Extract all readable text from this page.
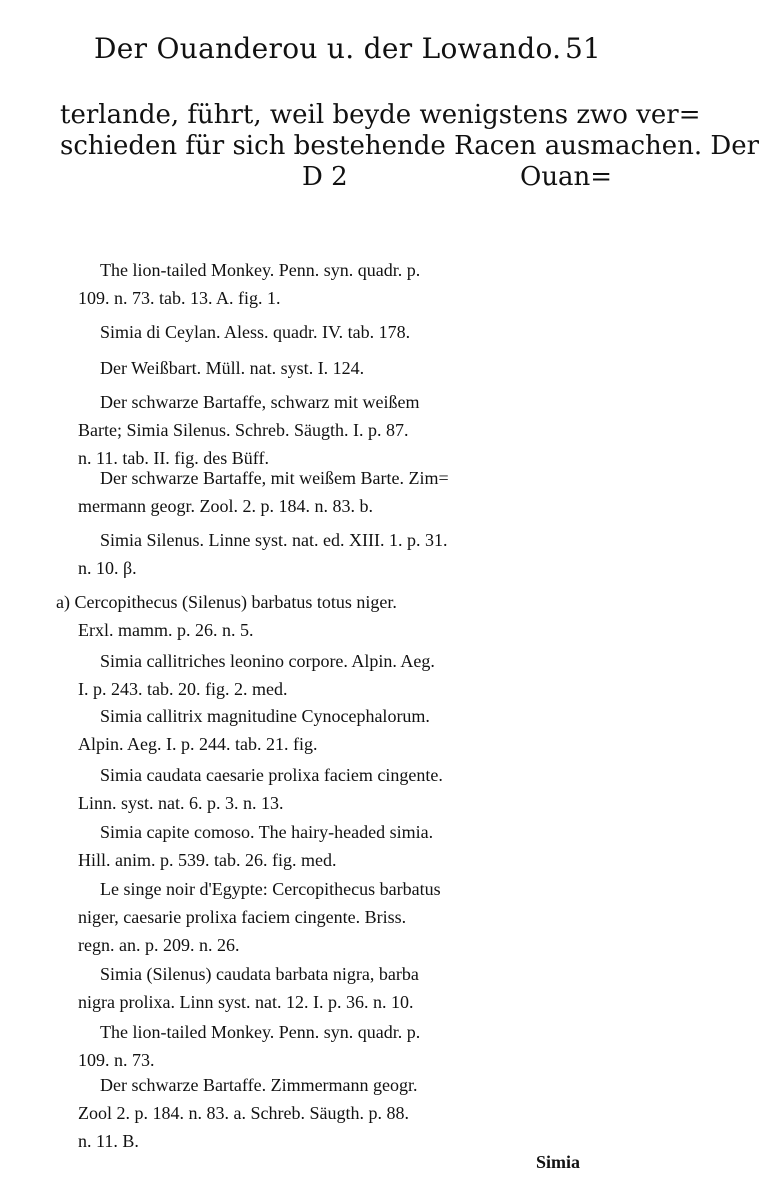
Der Ouanderou u. der Lowando. 51
terlande, führt, weil beyde wenigstens zwo ver=
schieden für sich bestehende Racen ausmachen. Der
D 2	Ouan=
The lion-tailed Monkey. Penn. syn. quadr. p.
109. n. 73. tab. 13. A. fig. 1.
Simia di Ceylan. Aless. quadr. IV. tab. 178.
Der Weißbart. Müll. nat. syst. I. 124.
Der schwarze Bartaffe, schwarz mit weißem
Barte; Simia Silenus. Schreb. Säugth. I. p. 87.
n. 11. tab. II. fig. des Büff.
Der schwarze Bartaffe, mit weißem Barte. Zim=
mermann geogr. Zool. 2. p. 184. n. 83. b.
Simia Silenus. Linne syst. nat. ed. XIII. 1. p. 31.
n. 10. β.
a) Cercopithecus (Silenus) barbatus totus niger.
Erxl. mamm. p. 26. n. 5.
Simia callitriches leonino corpore. Alpin. Aeg.
I. p. 243. tab. 20. fig. 2. med.
Simia callitrix magnitudine Cynocephalorum.
Alpin. Aeg. I. p. 244. tab. 21. fig.
Simia caudata caesarie prolixa faciem cingente.
Linn. syst. nat. 6. p. 3. n. 13.
Simia capite comoso. The hairy-headed simia.
Hill. anim. p. 539. tab. 26. fig. med.
Le singe noir d'Egypte: Cercopithecus barbatus
niger, caesarie prolixa faciem cingente. Briss.
regn. an. p. 209. n. 26.
Simia (Silenus) caudata barbata nigra, barba
nigra prolixa. Linn syst. nat. 12. I. p. 36. n. 10.
The lion-tailed Monkey. Penn. syn. quadr. p.
109. n. 73.
Der schwarze Bartaffe. Zimmermann geogr.
Zool 2. p. 184. n. 83. a. Schreb. Säugth. p. 88.
n. 11. B.
Simia
